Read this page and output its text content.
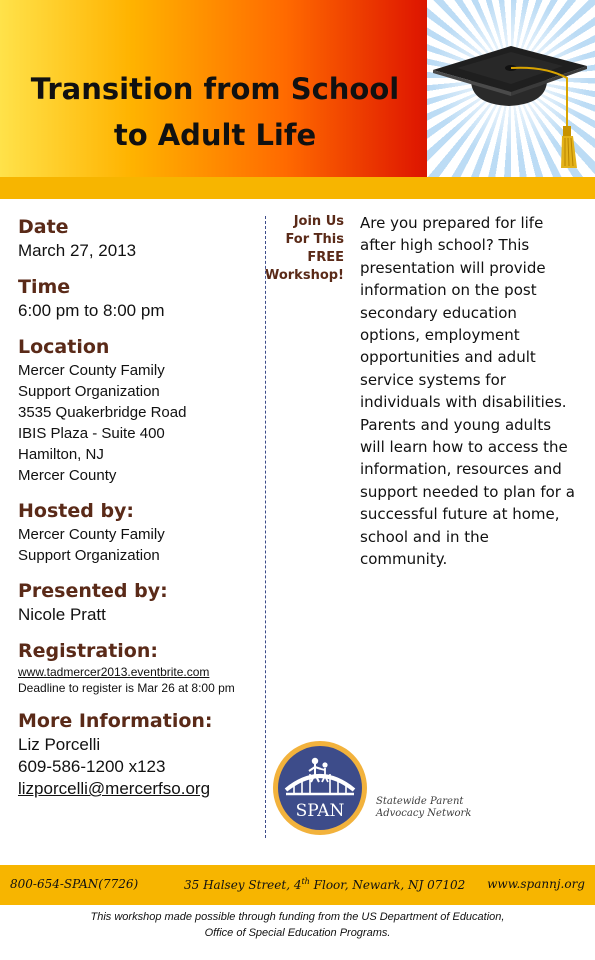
Transition from School
to Adult Life
Date
March 27, 2013
Time
6:00 pm to 8:00 pm
Location
Mercer County Family
Support Organization
3535 Quakerbridge Road
IBIS Plaza - Suite 400
Hamilton, NJ
Mercer County
Hosted by:
Mercer County Family
Support Organization
Presented by:
Nicole Pratt
Registration:
www.tadmercer2013.eventbrite.com
Deadline to register is Mar 26 at 8:00 pm
More Information:
Liz Porcelli
609-586-1200 x123
lizporcelli@mercerfso.org
Join Us
For This
FREE
Workshop!
Are you prepared for life after high school? This presentation will provide information on the post secondary education options, employment opportunities and adult service systems for individuals with disabilities. Parents and young adults will learn how to access the information, resources and support needed to plan for a successful future at home, school and in the community.
SPAN	Statewide Parent
Advocacy Network
800-654-SPAN(7726)	35 Halsey Street, 4th Floor, Newark, NJ 07102 www.spannj.org
This workshop made possible through funding from the US Department of Education,
Office of Special Education Programs.
